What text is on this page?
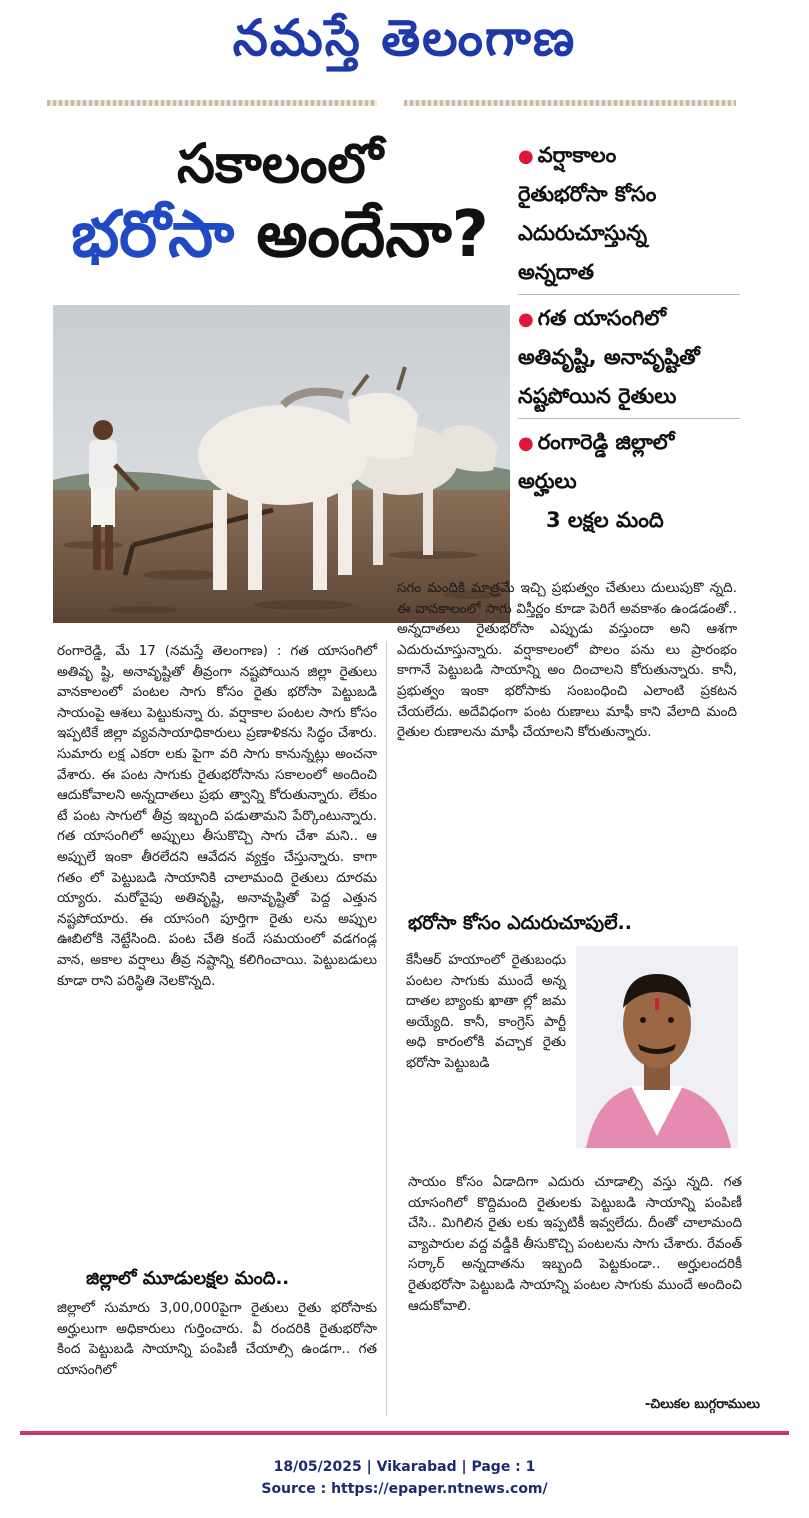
నమస్తే తెలంగాణ
సకాలంలో
భరోసా అందేనా?
● వర్షాకాలం
రైతుభరోసా కోసం
ఎదురుచూస్తున్న
అన్నదాత
● గత యాసంగిలో
అతివృష్టి, అనావృష్టితో
నష్టపోయిన రైతులు
● రంగారెడ్డి జిల్లాలో
అర్హులు
3 లక్షల మంది
రంగారెడ్డి, మే 17 (నమస్తే తెలంగాణ) : గత యాసంగిలో అతివృ ష్టి, అనావృష్టితో తీవ్రంగా నష్టపోయిన జిల్లా రైతులు వానకాలంలో పంటల సాగు కోసం రైతు భరోసా పెట్టుబడి సాయంపై ఆశలు పెట్టుకున్నా రు. వర్షాకాల పంటల సాగు కోసం ఇప్పటికే జిల్లా వ్యవసాయాధికారులు ప్రణాళికను సిద్ధం చేశారు. సుమారు లక్ష ఎకరా లకు పైగా వరి సాగు కానున్నట్లు అంచనా వేశారు. ఈ పంట సాగుకు రైతుభరోసాను సకాలంలో అందించి ఆదుకోవాలని అన్నదాతలు ప్రభు త్వాన్ని కోరుతున్నారు. లేకుం టే పంట సాగులో తీవ్ర ఇబ్బంది పడుతామని పేర్కొంటున్నారు. గత యాసంగిలో అప్పులు తీసుకొచ్చి సాగు చేశా మని.. ఆ అప్పులే ఇంకా తీరలేదని ఆవేదన వ్యక్తం చేస్తున్నారు. కాగా గతం లో పెట్టుబడి సాయానికి చాలామంది రైతులు దూరమ య్యారు. మరోవైపు అతివృష్టి, అనావృష్టితో పెద్ద ఎత్తున నష్టపోయారు. ఈ యాసంగి పూర్తిగా రైతు లను అప్పుల ఊబిలోకి నెట్టేసింది. పంట చేతి కందే సమయంలో వడగండ్ల వాన, అకాల వర్షాలు తీవ్ర నష్టాన్ని కలిగించాయి. పెట్టుబడులు కూడా రాని పరిస్థితి నెలకొన్నది.
జిల్లాలో మూడులక్షల మంది..
జిల్లాలో సుమారు 3,00,000పైగా రైతులు రైతు భరోసాకు అర్హులుగా అధికారులు గుర్తించారు. వీ రందరికి రైతుభరోసా కింద పెట్టుబడి సాయాన్ని పంపిణీ చేయాల్సి ఉండగా.. గత యాసంగిలో
సగం మందికి మాత్రమే ఇచ్చి ప్రభుత్వం చేతులు దులుపుకొ న్నది. ఈ వానకాలంలో సాగు విస్తీర్ణం కూడా పెరిగే అవకాశం ఉండడంతో.. అన్నదాతలు రైతుభరోసా ఎప్పుడు వస్తుందా అని ఆశగా ఎదురుచూస్తున్నారు. వర్షాకాలంలో పొలం పను లు ప్రారంభం కాగానే పెట్టుబడి సాయాన్ని అం దించాలని కోరుతున్నారు. కానీ, ప్రభుత్వం ఇంకా భరోసాకు సంబంధించి ఎలాంటి ప్రకటన చేయలేదు. అదేవిధంగా పంట రుణాలు మాఫీ కాని వేలాది మంది రైతుల రుణాలను మాఫీ చేయాలని కోరుతున్నారు.
భరోసా కోసం ఎదురుచూపులే..
కేసీఆర్ హయాంలో రైతుబంధు పంటల సాగుకు ముందే అన్న దాతల బ్యాంకు ఖాతా ల్లో జమ అయ్యేది. కానీ, కాంగ్రెస్ పార్టీ అధి కారంలోకి వచ్చాక రైతు భరోసా పెట్టుబడి
సాయం కోసం ఏడాదిగా ఎదురు చూడాల్సి వస్తు న్నది. గత యాసంగిలో కొద్దిమంది రైతులకు పెట్టుబడి సాయాన్ని పంపిణీ చేసి.. మిగిలిన రైతు లకు ఇప్పటికీ ఇవ్వలేదు. దీంతో చాలామంది వ్యాపారుల వద్ద వడ్డీకి తీసుకొచ్చి పంటలను సాగు చేశారు. రేవంత్ సర్కార్ అన్నదాతను ఇబ్బంది పెట్టకుండా.. అర్హులందరికీ రైతుభరోసా పెట్టుబడి సాయాన్ని పంటల సాగుకు ముందే అందించి ఆదుకోవాలి.
-చిలుకల బుగ్గరాములు
18/05/2025 | Vikarabad | Page : 1
Source : https://epaper.ntnews.com/
